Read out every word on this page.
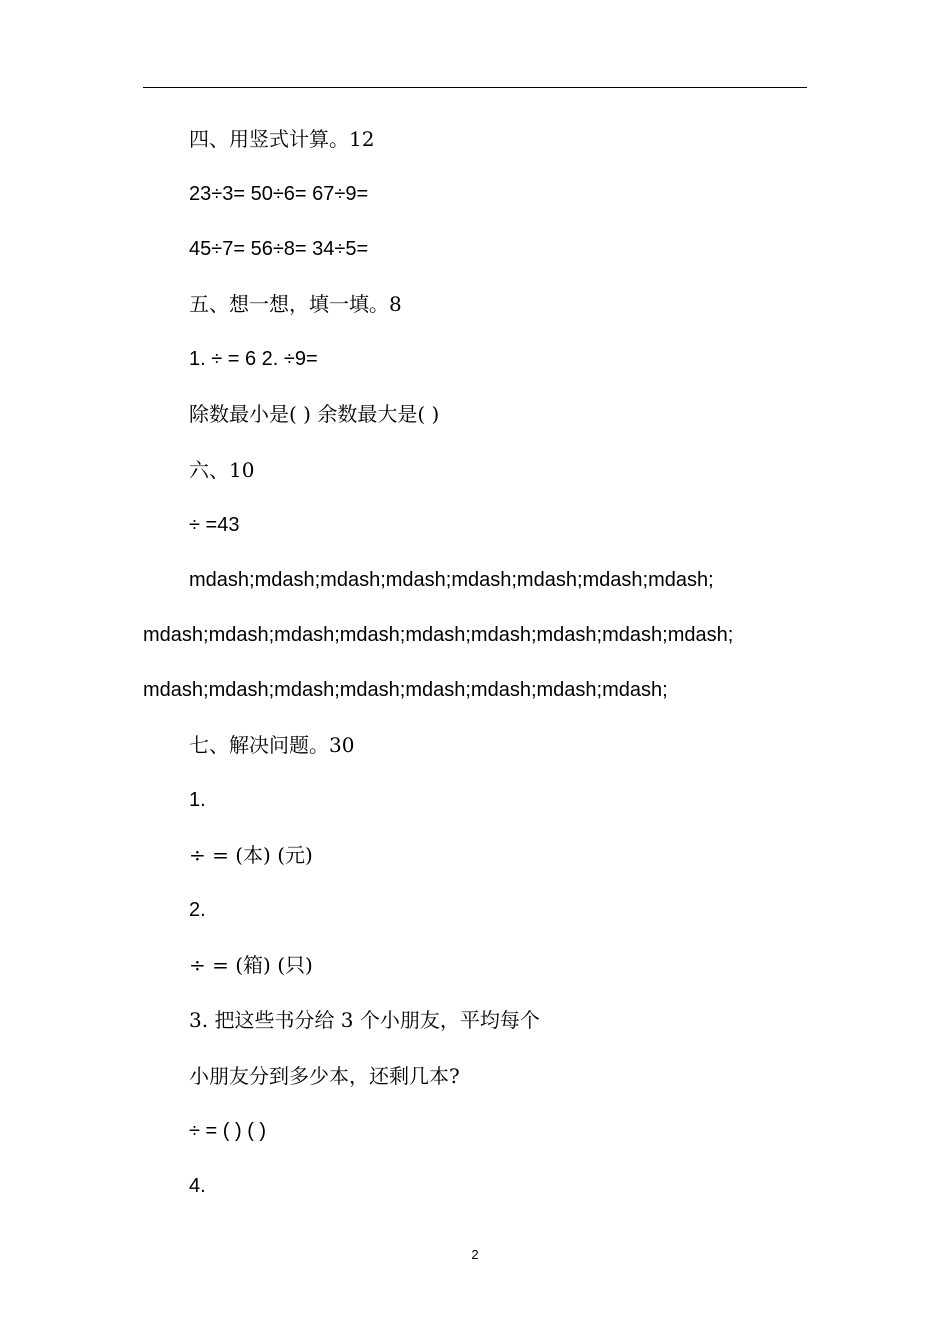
四、用竖式计算。12
23÷3= 50÷6= 67÷9=
45÷7= 56÷8= 34÷5=
五、想一想，填一填。8
1. ÷ = 6 2. ÷9=
除数最小是( ) 余数最大是( )
六、10
÷ =43
mdash;mdash;mdash;mdash;mdash;mdash;mdash;mdash;
mdash;mdash;mdash;mdash;mdash;mdash;mdash;mdash;mdash;
mdash;mdash;mdash;mdash;mdash;mdash;mdash;mdash;
七、解决问题。30
1.
÷ = (本) (元)
2.
÷ = (箱) (只)
3. 把这些书分给 3 个小朋友，平均每个
小朋友分到多少本，还剩几本?
÷ = ( ) ( )
4.
2
